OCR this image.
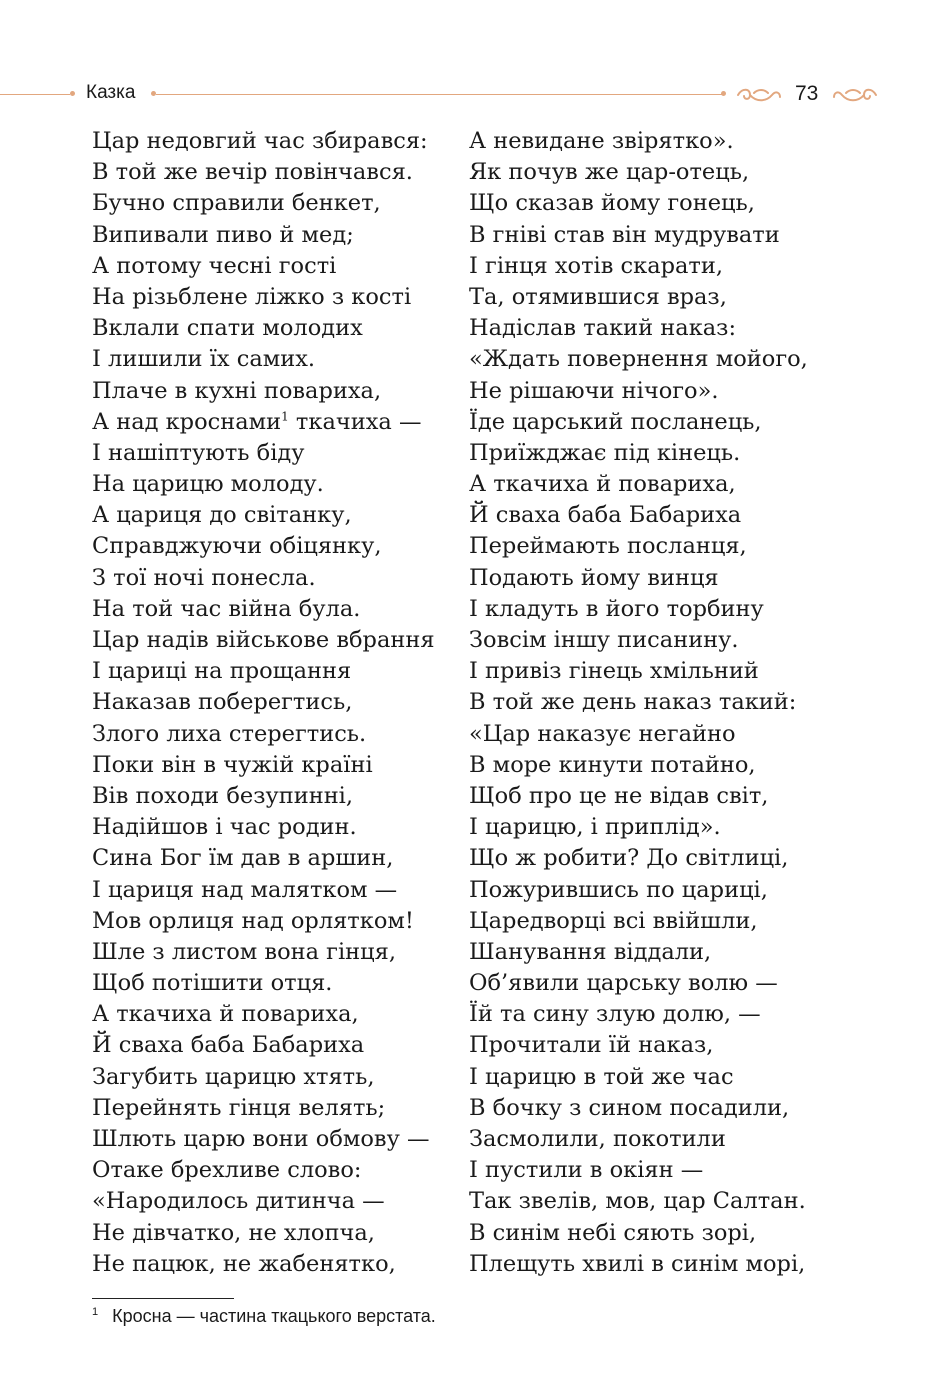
Казка	73
Цар недовгий час збирався:
В той же вечір повінчався.
Бучно справили бенкет,
Випивали пиво й мед;
А потому чесні гості
На різьблене ліжко з кості
Вклали спати молодих
І лишили їх самих.
Плаче в кухні повариха,
А над кроснами$^1$ ткачиха —
І нашіптують біду
На царицю молоду.
А цариця до світанку,
Справджуючи обіцянку,
З тої ночі понесла.
На той час війна була.
Цар надів військове вбрання
І цариці на прощання
Наказав поберегтись,
Злого лиха стерегтись.
Поки він в чужій країні
Вів походи безупинні,
Надійшов і час родин.
Сина Бог їм дав в аршин,
І цариця над малятком —
Мов орлиця над орлятком!
Шле з листом вона гінця,
Щоб потішити отця.
А ткачиха й повариха,
Й сваха баба Бабариха
Загубить царицю хтять,
Перейнять гінця велять;
Шлють царю вони обмову —
Отаке брехливе слово:
«Народилось дитинча —
Не дівчатко, не хлопча,
Не пацюк, не жабенятко,
А невидане звірятко».
Як почув же цар-отець,
Що сказав йому гонець,
В гніві став він мудрувати
І гінця хотів скарати,
Та, отямившися враз,
Надіслав такий наказ:
«Ждать повернення мойого,
Не рішаючи нічого».
Їде царський посланець,
Приїжджає під кінець.
А ткачиха й повариха,
Й сваха баба Бабариха
Переймають посланця,
Подають йому винця
І кладуть в його торбину
Зовсім іншу писанину.
І привіз гінець хмільний
В той же день наказ такий:
«Цар наказує негайно
В море кинути потайно,
Щоб про це не відав світ,
І царицю, і приплід».
Що ж робити? До світлиці,
Пожурившись по цариці,
Царедворці всі ввійшли,
Шанування віддали,
Об’явили царську волю —
Їй та сину злую долю, —
Прочитали їй наказ,
І царицю в той же час
В бочку з сином посадили,
Засмолили, покотили
І пустили в окіян —
Так звелів, мов, цар Салтан.
В синім небі сяють зорі,
Плещуть хвилі в синім морі,
$^1$ Кросна — частина ткацького верстата.
